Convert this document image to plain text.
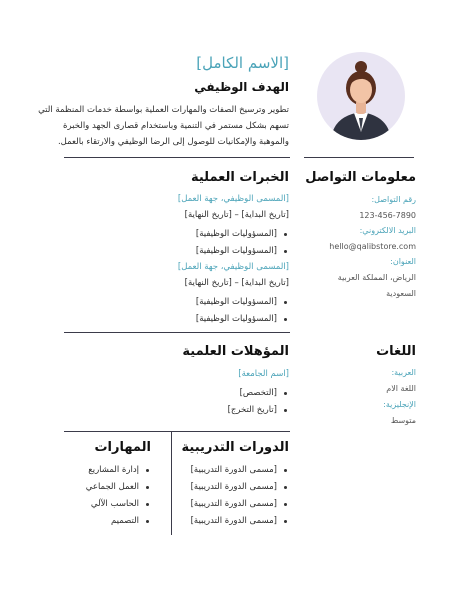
[الاسم الكامل]
الهدف الوظيفي
تطوير وترسيخ الصفات والمهارات العملية بواسطة خدمات المنظمة التي
تسهم بشكل مستمر في التنمية وباستخدام قصارى الجهد والخبرة
والموهبة والإمكانيات للوصول إلى الرضا الوظيفي والارتقاء بالعمل.
معلومات التواصل
رقم التواصل:
123-456-7890
البريد الالكتروني:
hello@qalibstore.com
العنوان:
الرياض، المملكة العربية
السعودية
الخبرات العملية
[المسمى الوظيفي، جهة العمل]
[تاريخ البداية] – [تاريخ النهاية]
[المسؤوليات الوظيفية]
[المسؤوليات الوظيفية]
[المسمى الوظيفي، جهة العمل]
[تاريخ البداية] – [تاريخ النهاية]
[المسؤوليات الوظيفية]
[المسؤوليات الوظيفية]
اللغات
العربية:
اللغة الام
الإنجليزية:
متوسط
المؤهلات العلمية
[اسم الجامعة]
[التخصص]
[تاريخ التخرج]
الدورات التدريبية
[مسمى الدورة التدريبية]
[مسمى الدورة التدريبية]
[مسمى الدورة التدريبية]
[مسمى الدورة التدريبية]
المهارات
إدارة المشاريع
العمل الجماعي
الحاسب الآلي
التصميم
